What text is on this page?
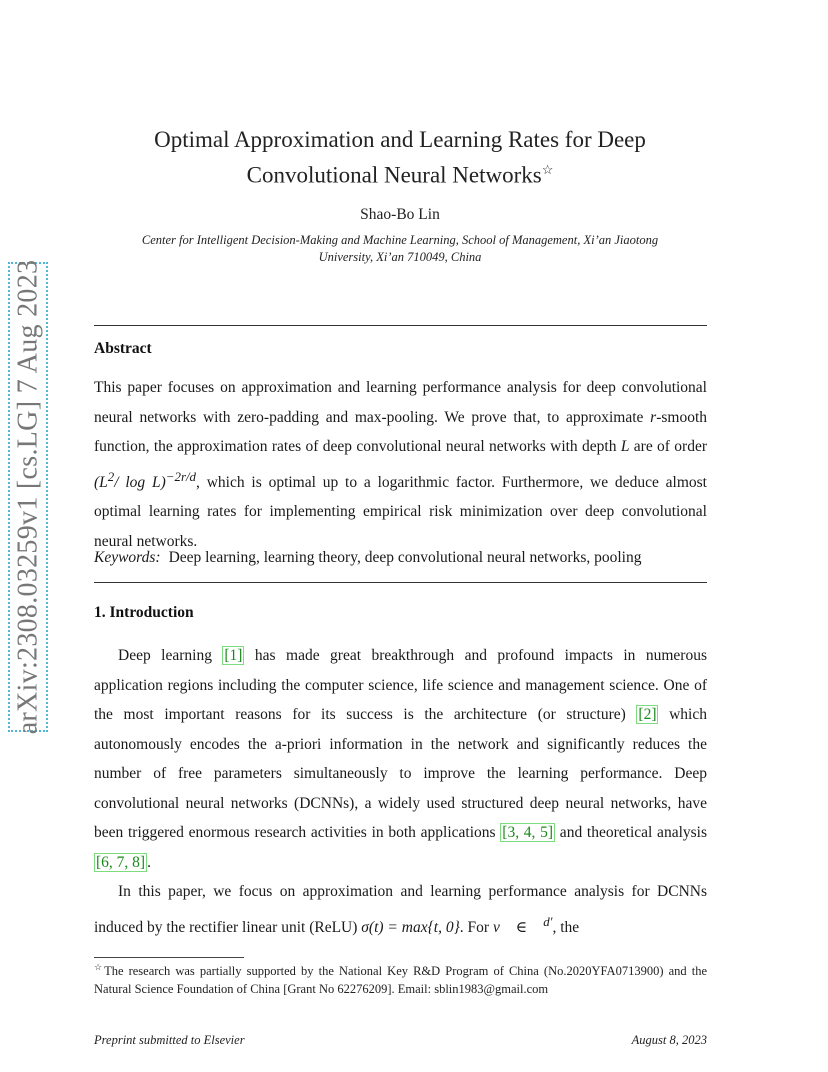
arXiv:2308.03259v1 [cs.LG] 7 Aug 2023
Optimal Approximation and Learning Rates for Deep
Convolutional Neural Networks☆
Shao-Bo Lin
Center for Intelligent Decision-Making and Machine Learning, School of Management, Xi’an Jiaotong
University, Xi’an 710049, China
Abstract
This paper focuses on approximation and learning performance analysis for deep convolutional neural networks with zero-padding and max-pooling. We prove that, to approximate r-smooth function, the approximation rates of deep convolutional neural networks with depth L are of order ($L^2/$ log L)$^{-2r/d}$, which is optimal up to a logarithmic factor. Furthermore, we deduce almost optimal learning rates for implementing empirical risk minimization over deep convolutional neural networks.
Keywords: Deep learning, learning theory, deep convolutional neural networks, pooling
1. Introduction

Deep learning [1] has made great breakthrough and profound impacts in numerous application regions including the computer science, life science and management science. One of the most important reasons for its success is the architecture (or structure) [2] which autonomously encodes the a-priori information in the network and significantly reduces the number of free parameters simultaneously to improve the learning performance. Deep convolutional neural networks (DCNNs), a widely used structured deep neural networks, have been triggered enormous research activities in both applications [3, 4, 5] and theoretical analysis [6, 7, 8] .

In this paper, we focus on approximation and learning performance analysis for DCNNs induced by the rectifier linear unit (ReLU) σ(t) = max{t, 0}. For v⃗ ∈ ℝ$^{d'}$, the

☆The research was partially supported by the National Key R&D Program of China (No.2020YFA0713900) and the Natural Science Foundation of China [Grant No 62276209]. Email: sblin1983@gmail.com
Preprint submitted to Elsevier	August 8, 2023
